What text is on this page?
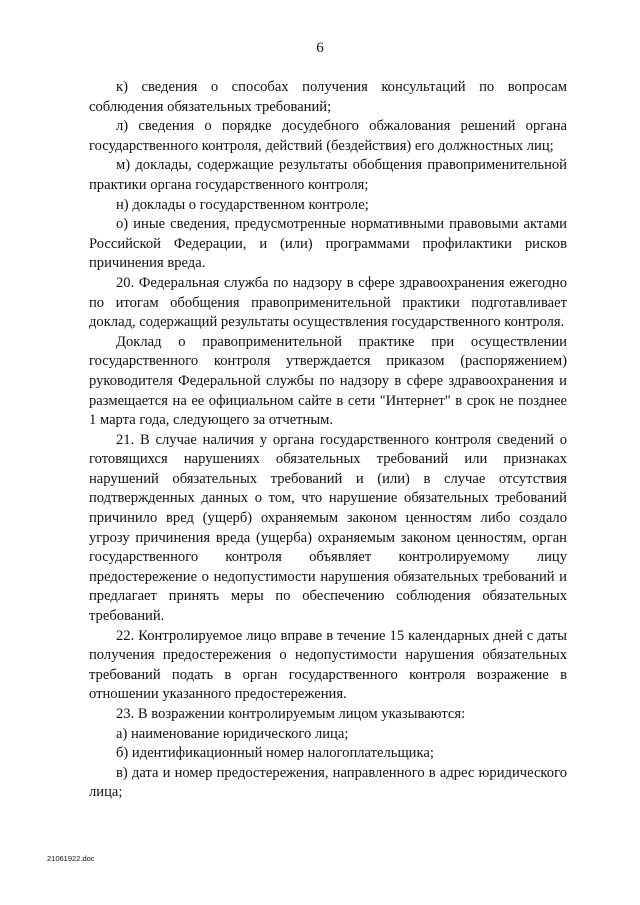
6

к) сведения о способах получения консультаций по вопросам соблюдения обязательных требований;

л) сведения о порядке досудебного обжалования решений органа государственного контроля, действий (бездействия) его должностных лиц;

м) доклады, содержащие результаты обобщения правоприменительной практики органа государственного контроля;

н) доклады о государственном контроле;

о) иные сведения, предусмотренные нормативными правовыми актами Российской Федерации, и (или) программами профилактики рисков причинения вреда.

20. Федеральная служба по надзору в сфере здравоохранения ежегодно по итогам обобщения правоприменительной практики подготавливает доклад, содержащий результаты осуществления государственного контроля.

Доклад о правоприменительной практике при осуществлении государственного контроля утверждается приказом (распоряжением) руководителя Федеральной службы по надзору в сфере здравоохранения и размещается на ее официальном сайте в сети "Интернет" в срок не позднее 1 марта года, следующего за отчетным.

21. В случае наличия у органа государственного контроля сведений о готовящихся нарушениях обязательных требований или признаках нарушений обязательных требований и (или) в случае отсутствия подтвержденных данных о том, что нарушение обязательных требований причинило вред (ущерб) охраняемым законом ценностям либо создало угрозу причинения вреда (ущерба) охраняемым законом ценностям, орган государственного контроля объявляет контролируемому лицу предостережение о недопустимости нарушения обязательных требований и предлагает принять меры по обеспечению соблюдения обязательных требований.

22. Контролируемое лицо вправе в течение 15 календарных дней с даты получения предостережения о недопустимости нарушения обязательных требований подать в орган государственного контроля возражение в отношении указанного предостережения.

23. В возражении контролируемым лицом указываются:

а) наименование юридического лица;

б) идентификационный номер налогоплательщика;

в) дата и номер предостережения, направленного в адрес юридического лица;

21061922.doc
